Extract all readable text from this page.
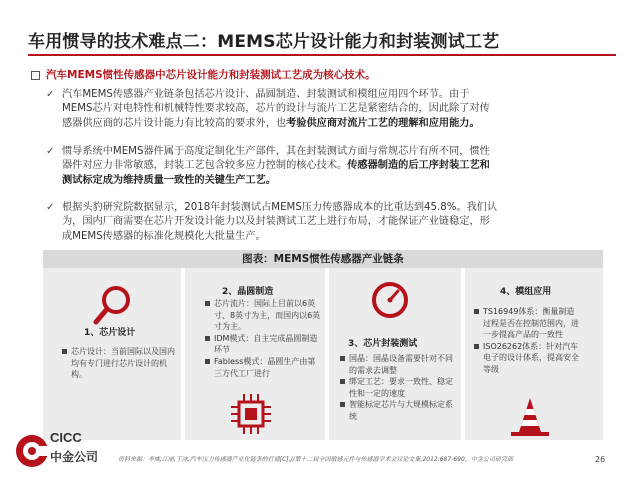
车用惯导的技术难点二：MEMS芯片设计能力和封装测试工艺
汽车MEMS惯性传感器中芯片设计能力和封装测试工艺成为核心技术。
✓ 汽车MEMS传感器产业链条包括芯片设计、晶圆制造、封装测试和模组应用四个环节。由于
MEMS芯片对电特性和机械特性要求较高，芯片的设计与流片工艺是紧密结合的，因此除了对传
感器供应商的芯片设计能力有比较高的要求外，也考验供应商对流片工艺的理解和应用能力。
✓ 惯导系统中MEMS器件属于高度定制化生产部件，其在封装测试方面与常规芯片有所不同，惯性
器件对应力非常敏感，封装工艺包含较多应力控制的核心技术。传感器制造的后工序封装工艺和
测试标定成为维持质量一致性的关键生产工艺。
✓ 根据头豹研究院数据显示，2018年封装测试占MEMS压力传感器成本的比重达到45.8%。我们认
为，国内厂商需要在芯片开发设计能力以及封装测试工艺上进行布局，才能保证产业链稳定，形
成MEMS传感器的标准化规模化大批量生产。
图表：MEMS惯性传感器产业链条
1、芯片设计
芯片设计：当前国际以及国内均有专门进行芯片设计的机构。
2、晶圆制造
芯片流片：国际上目前以6英寸、8英寸为主，而国内以6英寸为主。
IDM模式：自主完成晶圆制造环节
Fabless模式：晶圆生产由第三方代工厂进行
3、芯片封装测试
国晶：国晶设备需要针对不同的需求去调整
绑定工艺：要求一致性、稳定性和一定的速度
智能标定芯片与大规模标定系统
4、模组应用
TS16949体系：衡量制造过程是否在控制范围内，进一步提高产品的一致性
ISO26262体系：针对汽车电子的设计体系，提高安全等级
CICC
中金公司	资料来源：李威,江丽,王冰,汽车压力传感器产业化链条的打通[C],//第十二届全国敏感元件与传感器学术会议论文集,2012:687-690，中金公司研究部	26
